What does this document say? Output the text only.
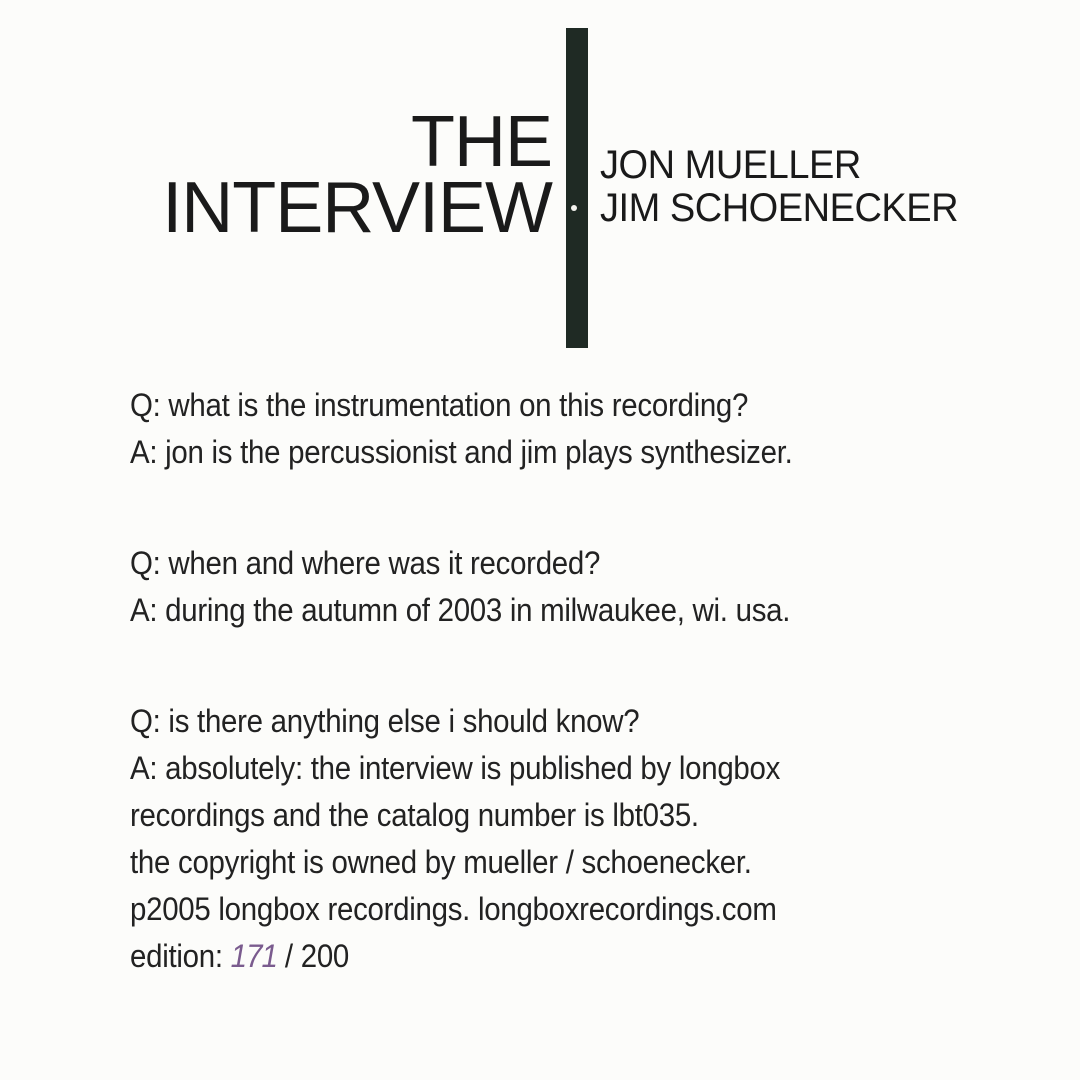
THE
INTERVIEW
JON MUELLER
JIM SCHOENECKER
Q: what is the instrumentation on this recording?
A: jon is the percussionist and jim plays synthesizer.
Q: when and where was it recorded?
A: during the autumn of 2003 in milwaukee, wi. usa.
Q: is there anything else i should know?
A: absolutely: the interview is published by longbox
recordings and the catalog number is lbt035.
the copyright is owned by mueller / schoenecker.
p2005 longbox recordings. longboxrecordings.com
edition: 171 / 200
